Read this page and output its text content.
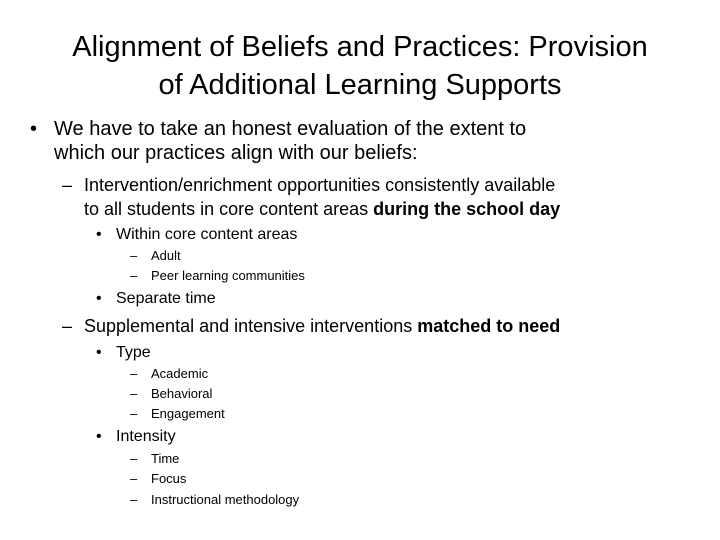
Alignment of Beliefs and Practices: Provision
of Additional Learning Supports
• We have to take an honest evaluation of the extent to
which our practices align with our beliefs:
– Intervention/enrichment opportunities consistently available
to all students in core content areas during the school day
• Within core content areas
– Adult
– Peer learning communities
• Separate time
– Supplemental and intensive interventions matched to need
• Type
– Academic
– Behavioral
– Engagement
• Intensity
– Time
– Focus
– Instructional methodology
